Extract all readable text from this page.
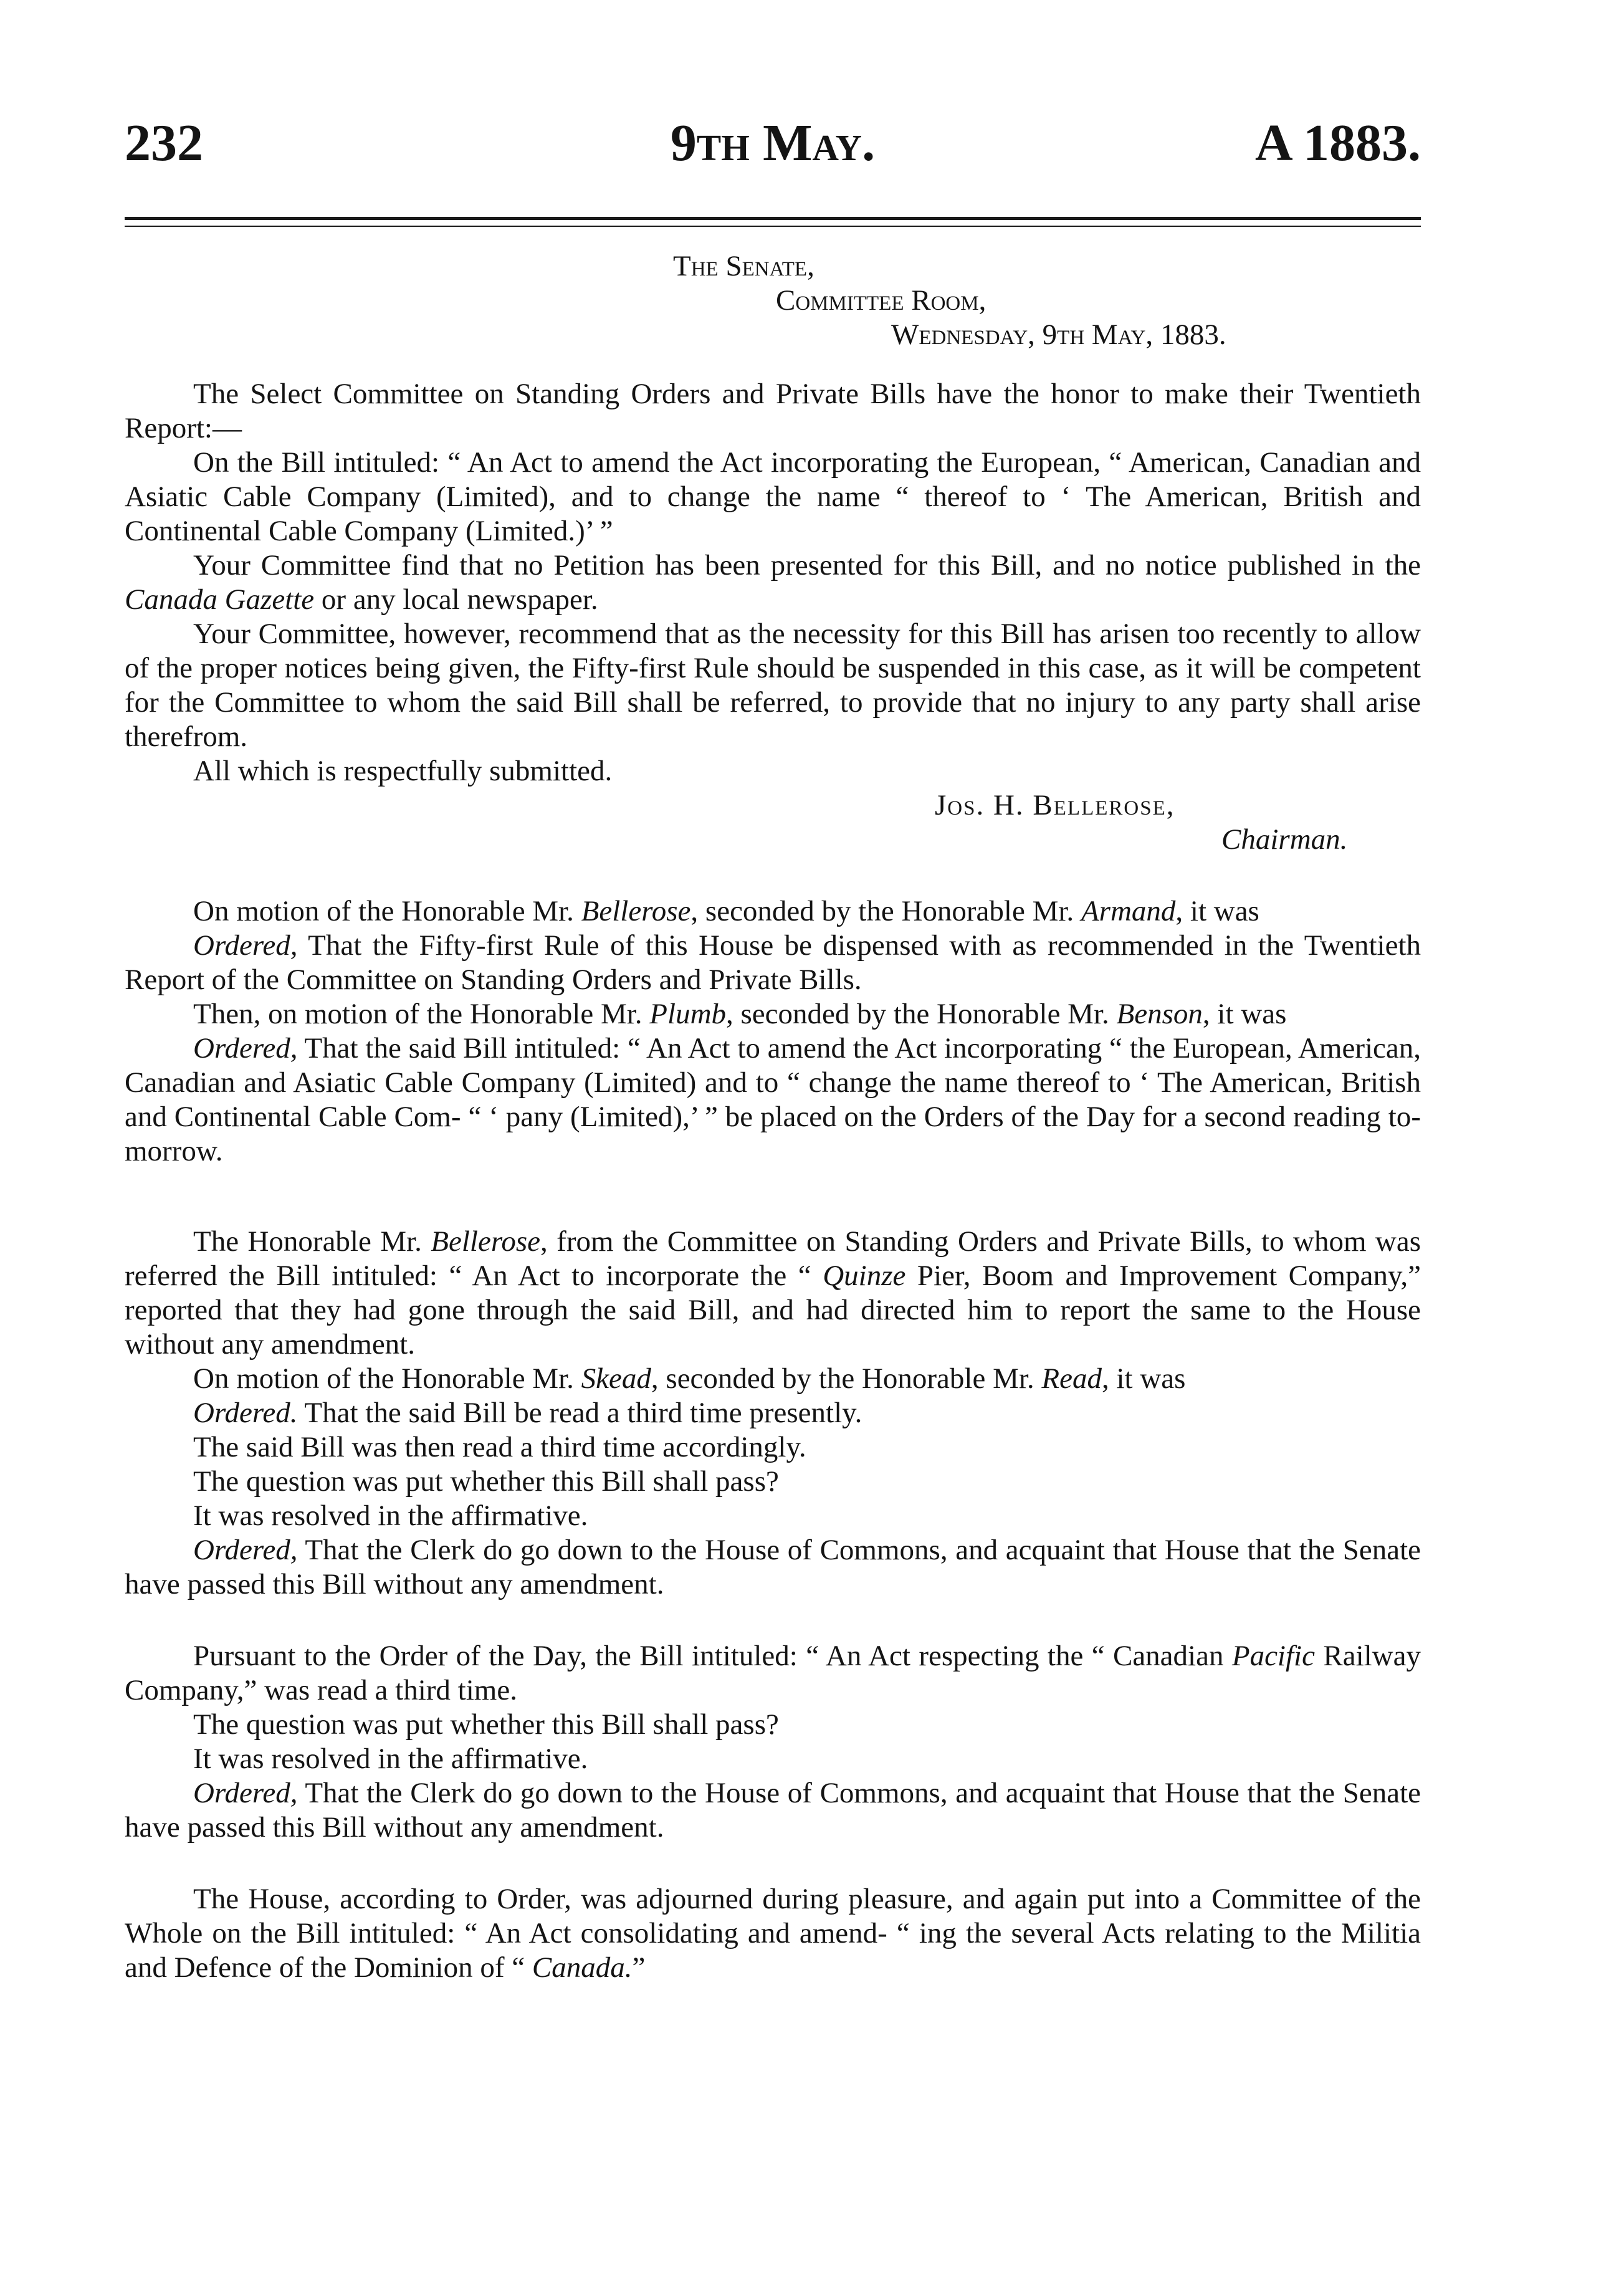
232	9th May.	A 1883.
The Senate,
Committee Room,
Wednesday, 9th May, 1883.

The Select Committee on Standing Orders and Private Bills have the honor to make their Twentieth Report:—

On the Bill intituled: “ An Act to amend the Act incorporating the European, “ American, Canadian and Asiatic Cable Company (Limited), and to change the name “ thereof to ‘ The American, British and Continental Cable Company (Limited.)’ ”

Your Committee find that no Petition has been presented for this Bill, and no notice published in the Canada Gazette or any local newspaper.

Your Committee, however, recommend that as the necessity for this Bill has arisen too recently to allow of the proper notices being given, the Fifty-first Rule should be suspended in this case, as it will be competent for the Committee to whom the said Bill shall be referred, to provide that no injury to any party shall arise therefrom.

All which is respectfully submitted.

Jos. H. Bellerose,
Chairman.

On motion of the Honorable Mr. Bellerose, seconded by the Honorable Mr. Armand, it was

Ordered, That the Fifty-first Rule of this House be dispensed with as recommended in the Twentieth Report of the Committee on Standing Orders and Private Bills.

Then, on motion of the Honorable Mr. Plumb, seconded by the Honorable Mr. Benson, it was

Ordered, That the said Bill intituled: “ An Act to amend the Act incorporating “ the European, American, Canadian and Asiatic Cable Company (Limited) and to “ change the name thereof to ‘ The American, British and Continental Cable Com- “ ‘ pany (Limited),’ ” be placed on the Orders of the Day for a second reading to-morrow.

The Honorable Mr. Bellerose, from the Committee on Standing Orders and Private Bills, to whom was referred the Bill intituled: “ An Act to incorporate the “ Quinze Pier, Boom and Improvement Company,” reported that they had gone through the said Bill, and had directed him to report the same to the House without any amendment.

On motion of the Honorable Mr. Skead, seconded by the Honorable Mr. Read, it was

Ordered. That the said Bill be read a third time presently.

The said Bill was then read a third time accordingly.

The question was put whether this Bill shall pass?

It was resolved in the affirmative.

Ordered, That the Clerk do go down to the House of Commons, and acquaint that House that the Senate have passed this Bill without any amendment.

Pursuant to the Order of the Day, the Bill intituled: “ An Act respecting the “ Canadian Pacific Railway Company,” was read a third time.

The question was put whether this Bill shall pass?

It was resolved in the affirmative.

Ordered, That the Clerk do go down to the House of Commons, and acquaint that House that the Senate have passed this Bill without any amendment.

The House, according to Order, was adjourned during pleasure, and again put into a Committee of the Whole on the Bill intituled: “ An Act consolidating and amend- “ ing the several Acts relating to the Militia and Defence of the Dominion of “ Canada.”
